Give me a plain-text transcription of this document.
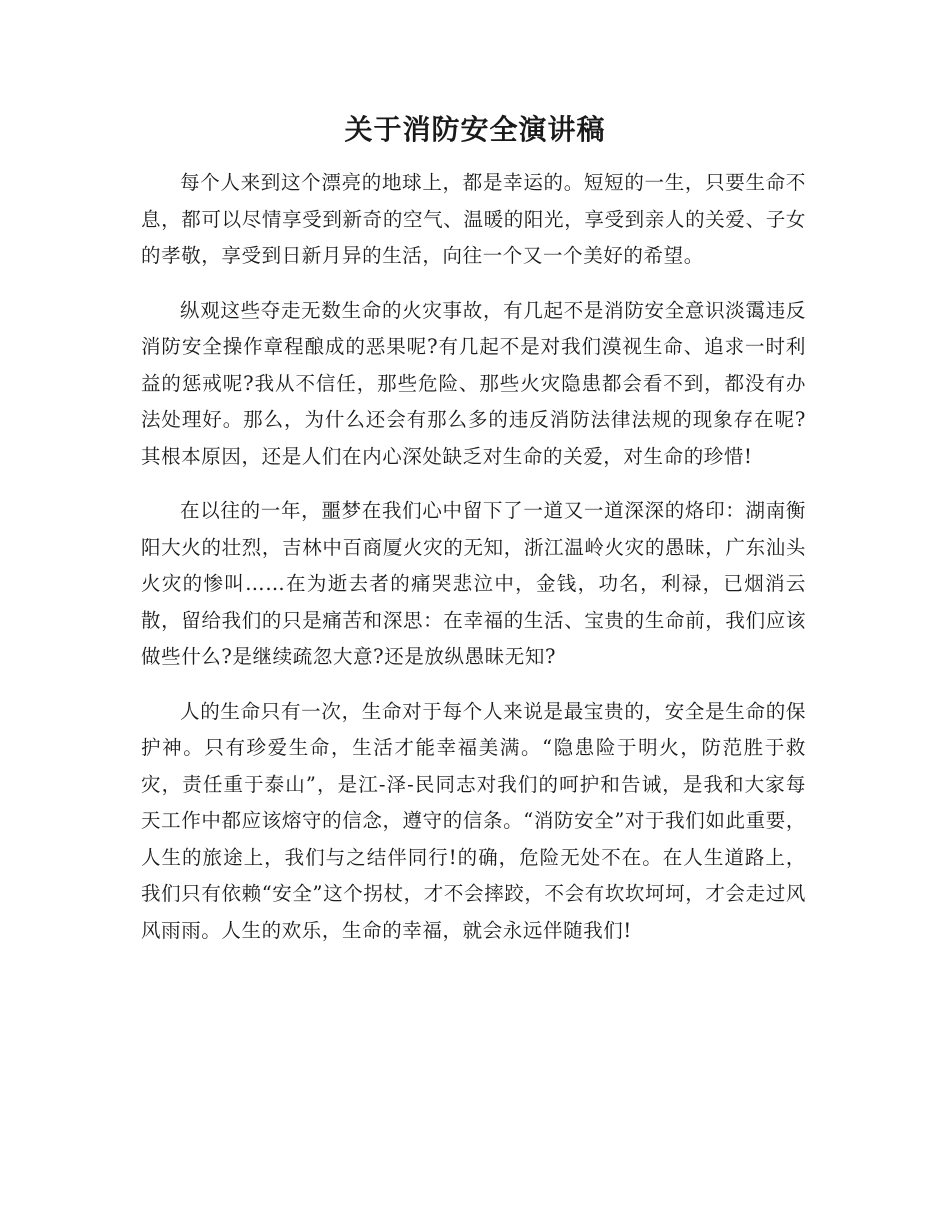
关于消防安全演讲稿

每个人来到这个漂亮的地球上，都是幸运的。短短的一生，只要生命不息，都可以尽情享受到新奇的空气、温暖的阳光，享受到亲人的关爱、子女的孝敬，享受到日新月异的生活，向往一个又一个美好的希望。

纵观这些夺走无数生命的火灾事故，有几起不是消防安全意识淡霭违反消防安全操作章程酿成的恶果呢?有几起不是对我们漠视生命、追求一时利益的惩戒呢?我从不信任，那些危险、那些火灾隐患都会看不到，都没有办法处理好。那么，为什么还会有那么多的违反消防法律法规的现象存在呢?其根本原因，还是人们在内心深处缺乏对生命的关爱，对生命的珍惜!

在以往的一年，噩梦在我们心中留下了一道又一道深深的烙印：湖南衡阳大火的壮烈，吉林中百商厦火灾的无知，浙江温岭火灾的愚昧，广东汕头火灾的惨叫……在为逝去者的痛哭悲泣中，金钱，功名，利禄，已烟消云散，留给我们的只是痛苦和深思：在幸福的生活、宝贵的生命前，我们应该做些什么?是继续疏忽大意?还是放纵愚昧无知?

人的生命只有一次，生命对于每个人来说是最宝贵的，安全是生命的保护神。只有珍爱生命，生活才能幸福美满。“隐患险于明火，防范胜于救灾，责任重于泰山”，是江-泽-民同志对我们的呵护和告诫，是我和大家每天工作中都应该熔守的信念，遵守的信条。“消防安全”对于我们如此重要，人生的旅途上，我们与之结伴同行!的确，危险无处不在。在人生道路上，我们只有依赖“安全”这个拐杖，才不会摔跤，不会有坎坎坷坷，才会走过风风雨雨。人生的欢乐，生命的幸福，就会永远伴随我们!
